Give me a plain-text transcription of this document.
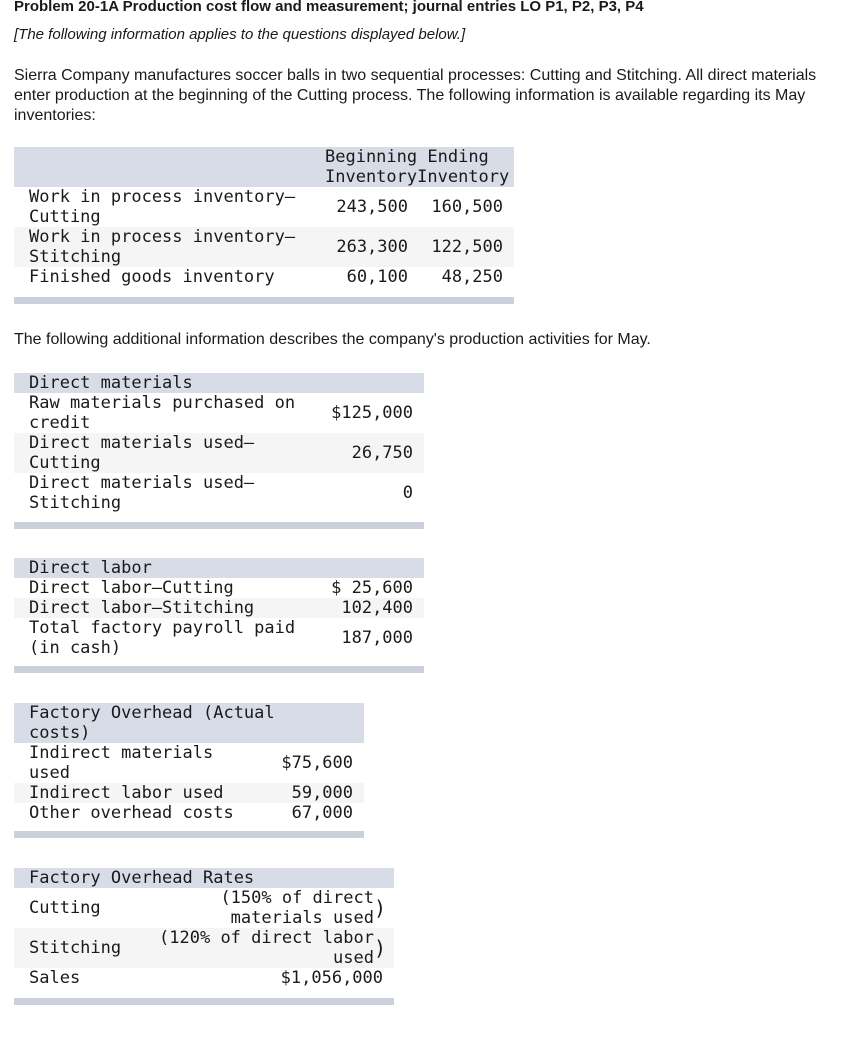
Problem 20-1A Production cost flow and measurement; journal entries LO P1, P2, P3, P4
[The following information applies to the questions displayed below.]
Sierra Company manufactures soccer balls in two sequential processes: Cutting and Stitching. All direct materials enter production at the beginning of the Cutting process. The following information is available regarding its May inventories:

	Beginning Ending
InventoryInventory	

Work in process inventory–
Cutting	243,500	160,500

Work in process inventory–
Stitching	263,300	122,500
Finished goods inventory	60,100	48,250

The following additional information describes the company's production activities for May.
Direct materials	

Raw materials purchased on
credit	$125,000

Direct materials used–
Cutting	26,750

Direct materials used–
Stitching	0

Direct labor	
Direct labor–Cutting	$ 25,600
Direct labor–Stitching	102,400

Total factory payroll paid
(in cash)	187,000

Factory Overhead (Actual
costs)	

Indirect materials
used	$75,600
Indirect labor used	59,000
Other overhead costs	67,000

Factory Overhead Rates	
Cutting	(150% of direct
materials used )
Stitching	(120% of direct labor
used )
Sales	$1,056,000
